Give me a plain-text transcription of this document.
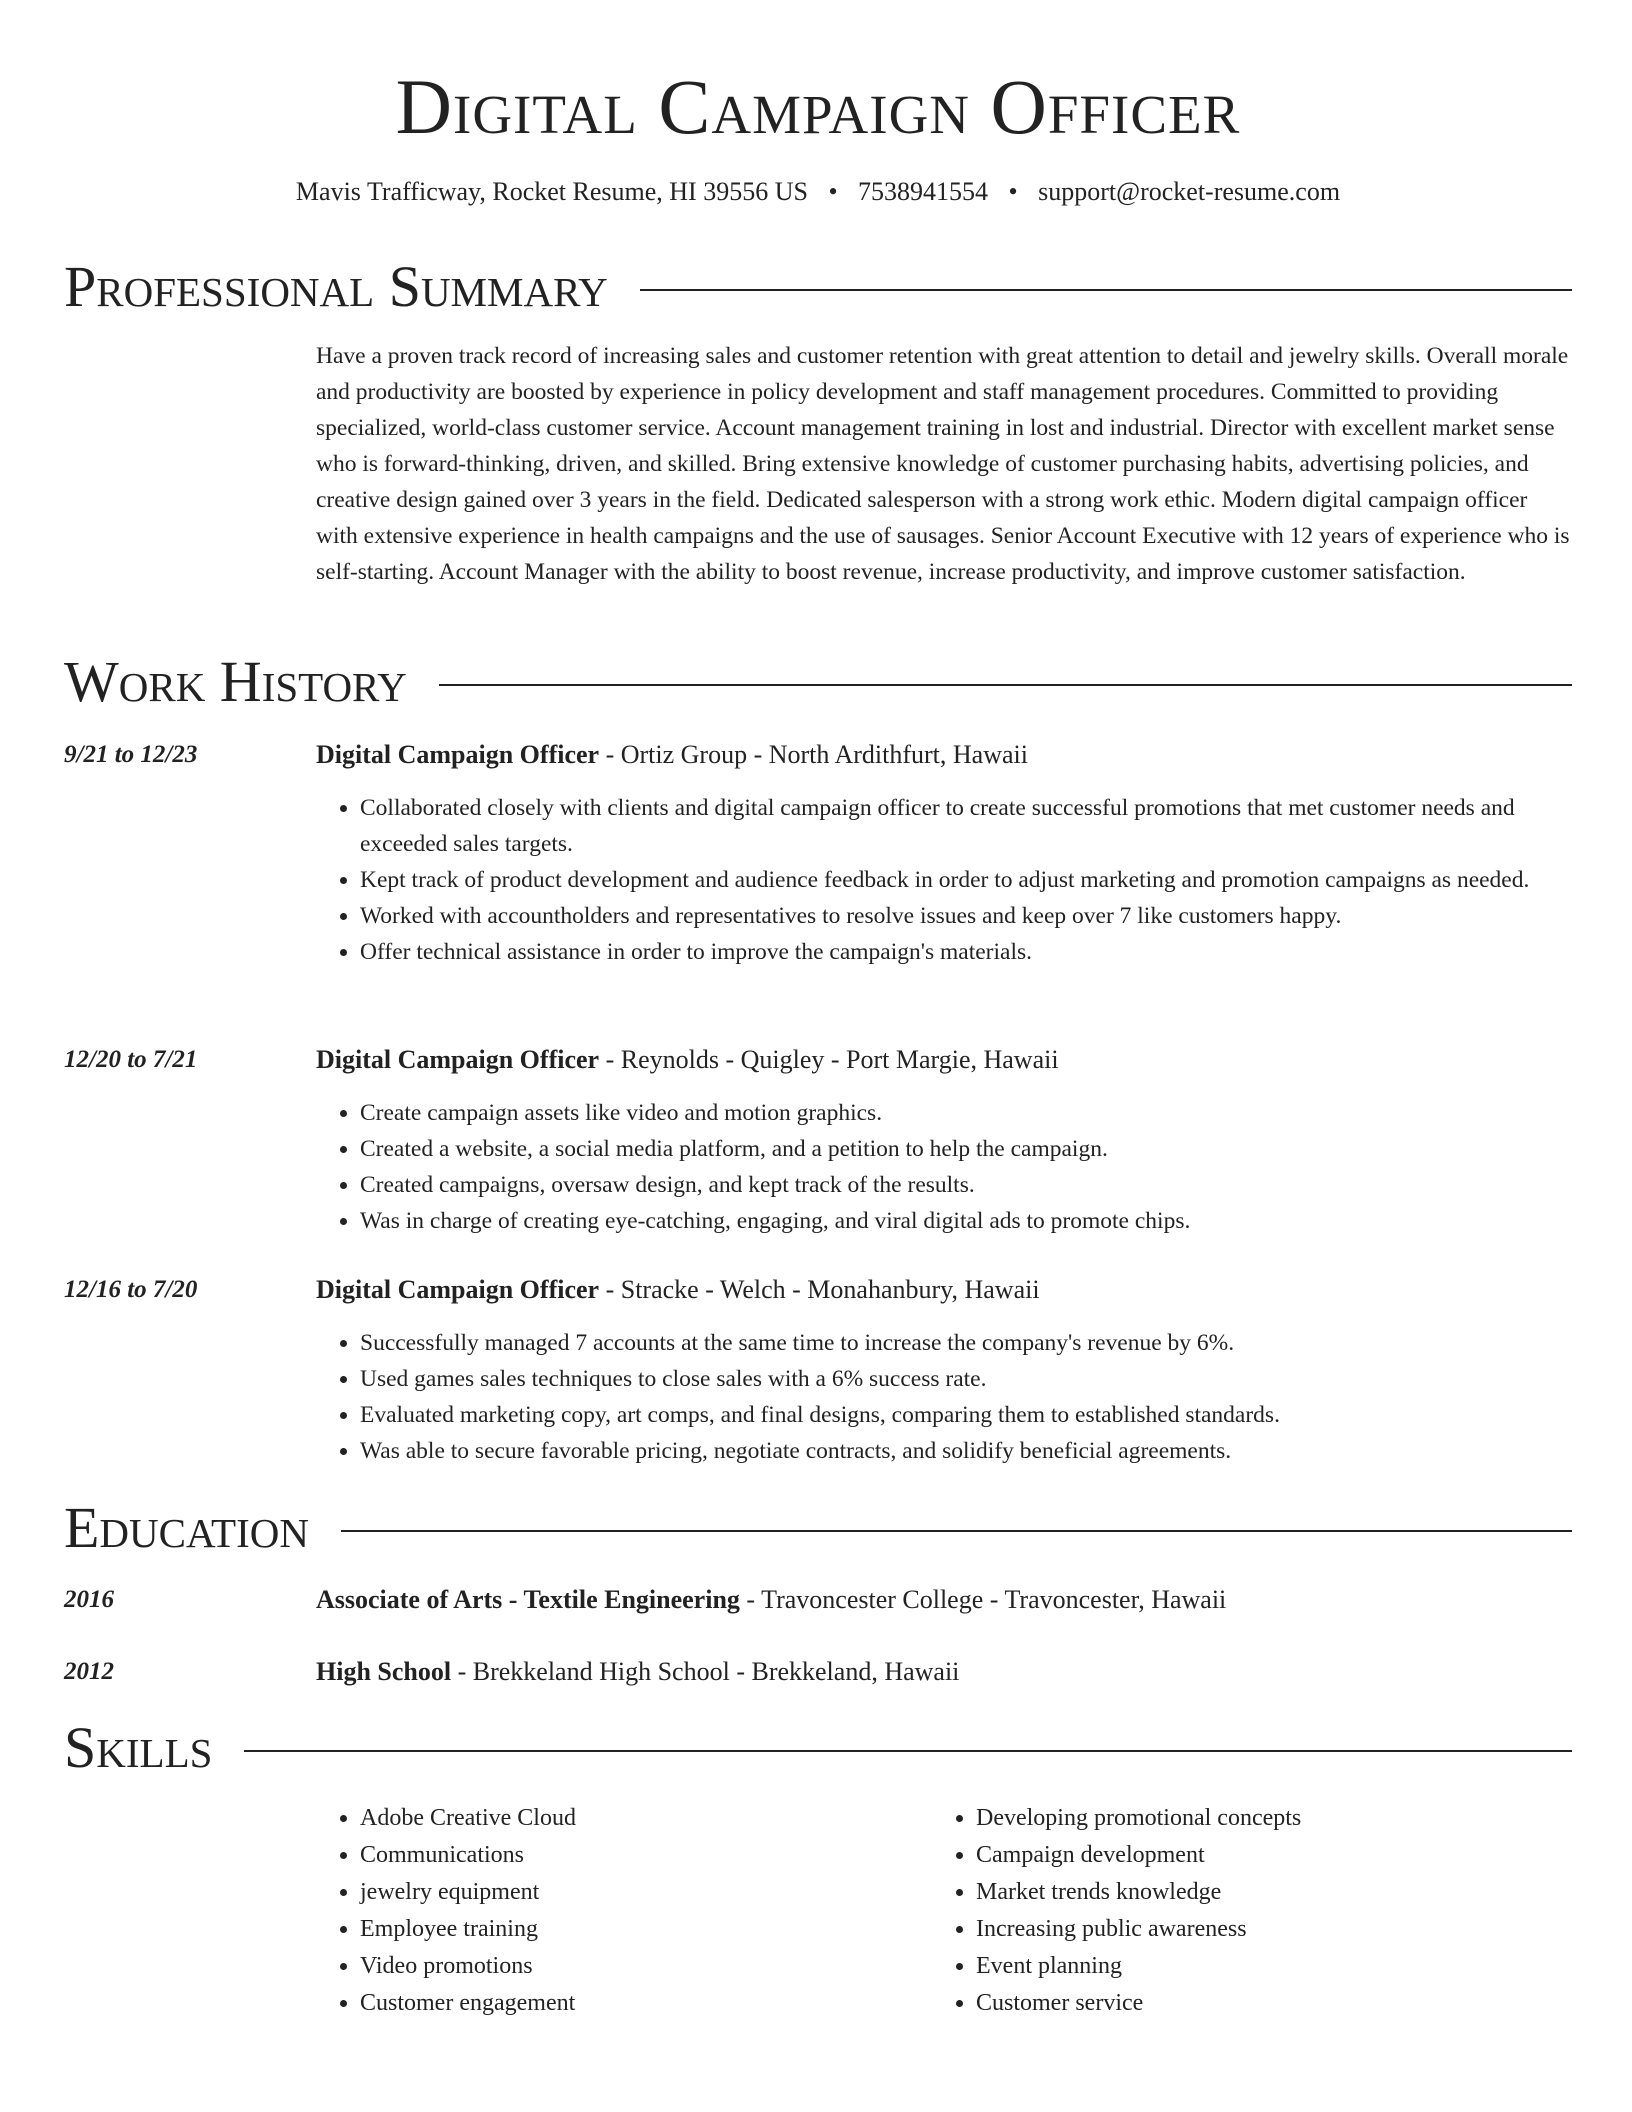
Digital Campaign Officer
Mavis Trafficway, Rocket Resume, HI 39556 US • 7538941554 • support@rocket-resume.com
Professional Summary

Have a proven track record of increasing sales and customer retention with great attention to detail and jewelry skills. Overall morale and productivity are boosted by experience in policy development and staff management procedures. Committed to providing specialized, world-class customer service. Account management training in lost and industrial. Director with excellent market sense who is forward-thinking, driven, and skilled. Bring extensive knowledge of customer purchasing habits, advertising policies, and creative design gained over 3 years in the field. Dedicated salesperson with a strong work ethic. Modern digital campaign officer with extensive experience in health campaigns and the use of sausages. Senior Account Executive with 12 years of experience who is self-starting. Account Manager with the ability to boost revenue, increase productivity, and improve customer satisfaction.

Work History
9/21 to 12/23	Digital Campaign Officer - Ortiz Group - North Ardithfurt, Hawaii
• Collaborated closely with clients and digital campaign officer to create successful promotions that met customer needs and exceeded sales targets.
• Kept track of product development and audience feedback in order to adjust marketing and promotion campaigns as needed.
• Worked with accountholders and representatives to resolve issues and keep over 7 like customers happy.
• Offer technical assistance in order to improve the campaign's materials.
12/20 to 7/21	Digital Campaign Officer - Reynolds - Quigley - Port Margie, Hawaii
• Create campaign assets like video and motion graphics.
• Created a website, a social media platform, and a petition to help the campaign.
• Created campaigns, oversaw design, and kept track of the results.
• Was in charge of creating eye-catching, engaging, and viral digital ads to promote chips.
12/16 to 7/20	Digital Campaign Officer - Stracke - Welch - Monahanbury, Hawaii
• Successfully managed 7 accounts at the same time to increase the company's revenue by 6%.
• Used games sales techniques to close sales with a 6% success rate.
• Evaluated marketing copy, art comps, and final designs, comparing them to established standards.
• Was able to secure favorable pricing, negotiate contracts, and solidify beneficial agreements.
Education
2016	Associate of Arts - Textile Engineering - Travoncester College - Travoncester, Hawaii
2012	High School - Brekkeland High School - Brekkeland, Hawaii
Skills
• Adobe Creative Cloud
• Communications
• jewelry equipment
• Employee training
• Video promotions
• Customer engagement
• Developing promotional concepts
• Campaign development
• Market trends knowledge
• Increasing public awareness
• Event planning
• Customer service
